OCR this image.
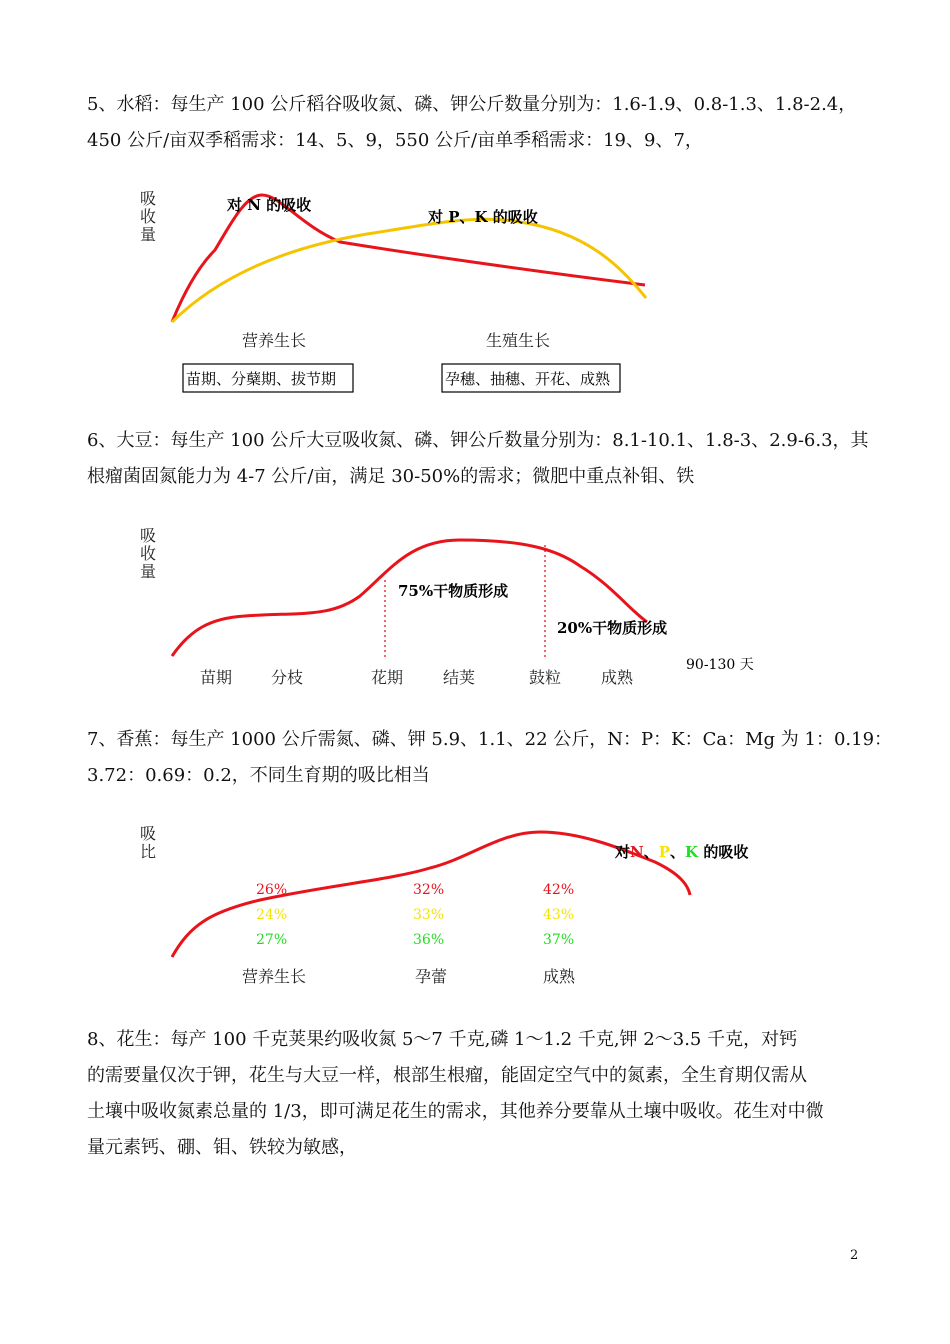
5、水稻：每生产 100 公斤稻谷吸收氮、磷、钾公斤数量分别为：1.6-1.9、0.8-1.3、1.8-2.4，
450 公斤/亩双季稻需求：14、5、9，550 公斤/亩单季稻需求：19、9、7，
吸
收
量
对 N 的吸收
对 P、K 的吸收
营养生长	生殖生长
苗期、分蘖期、拔节期	孕穗、抽穗、开花、成熟
6、大豆：每生产 100 公斤大豆吸收氮、磷、钾公斤数量分别为：8.1-10.1、1.8-3、2.9-6.3，其
根瘤菌固氮能力为 4-7 公斤/亩，满足 30-50%的需求；微肥中重点补钼、铁
吸
收
量
75%干物质形成
20%干物质形成
90-130 天
苗期 分枝	花期 结荚	鼓粒 成熟
7、香蕉：每生产 1000 公斤需氮、磷、钾 5.9、1.1、22 公斤，N：P：K：Ca：Mg 为 1：0.19：
3.72：0.69：0.2，不同生育期的吸比相当
吸
比	对N、P、K 的吸收
26%	32%	42%
24%	33%	43%
27%	36%	37%
营养生长	孕蕾	成熟
8、花生：每产 100 千克荚果约吸收氮 5～7 千克,磷 1～1.2 千克,钾 2～3.5 千克，对钙
的需要量仅次于钾，花生与大豆一样，根部生根瘤，能固定空气中的氮素，全生育期仅需从
土壤中吸收氮素总量的 1/3，即可满足花生的需求，其他养分要靠从土壤中吸收。花生对中微
量元素钙、硼、钼、铁较为敏感，
2
